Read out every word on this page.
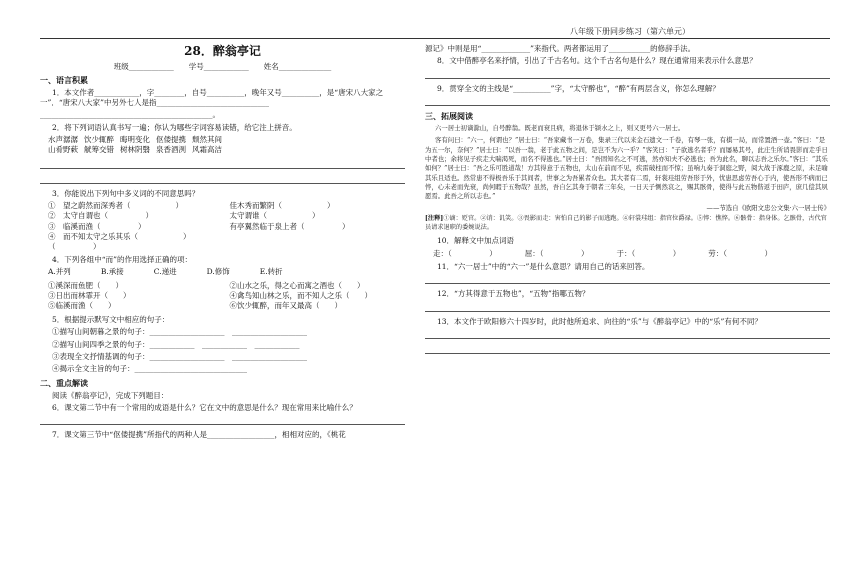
八年级下册同步练习（第六单元）
28．醉翁亭记
班级____________　　学号____________　　姓名______________
一、语言积累

1．本文作者____________，字________，自号__________，晚年又号__________，是“唐宋八大家之一”．“唐宋八大家”中另外七人是指______________________________

______________________________________________。

2．将下列词语认真书写一遍；你认为哪些字词容易读错，给它注上拼音。

水声潺潺 饮少辄醉 晦明变化 伛偻提携 颓然其间
山肴野蔌 觥筹交错 树林阴翳 泉香酒洌 风霜高洁

3．你能说出下列句中多义词的不同意思吗？

①　望之蔚然而深秀者（　　　　　　）	佳木秀而繁阴（　　　　　　）
②　太守自谓也（　　　　　）	太守谓谁（　　　　　　）
③　临溪而渔（　　　　　）	有亭翼然临于泉上者（　　　　　）
④　而不知太守之乐其乐（　　　　　　）（　　　　　）

4．下列各组中“而”的作用选择正确的项：

A.并列	B.承接	C.递进	D.修饰	E.转折
①溪深而鱼肥（　　）	②山水之乐，得之心而寓之酒也（　　）
③日出而林霏开（　　）	④禽鸟知山林之乐，而不知人之乐（　　）
⑤临溪而渔（　　）	⑥饮少辄醉，而年又最高（　　）

5．根据提示默写文中相应的句子：

①描写山间朝暮之景的句子：____________________　____________________

②描写山间四季之景的句子：____________　____________　____________

③表现全文抒情基调的句子：____________________　____________________

④揭示全文主旨的句子：______________________________

二、重点解读

阅读《醉翁亭记》，完成下列题目：

6．课文第二节中有一个常用的成语是什么？它在文中的意思是什么？现在常用来比喻什么？

7．课文第三节中“伛偻提携”所指代的两种人是__________________，相相对应的，《桃花

源记》中则是用“_____________”来指代。两者都运用了___________的修辞手法。

8．文中借醉亭名来抒情，引出了千古名句。这个千古名句是什么？现在通常用来表示什么意思？

9．贯穿全文的主线是“__________”字，“太守醉也”，“醉”有两层含义，你怎么理解？

三、拓展阅读

六一居士初谪滁山，自号醉翁。既老而衰且病，将退休于颍水之上，则又更号六一居士。

客有问曰：“六一，何谓也？”居士曰：“吾家藏书一万卷，集录三代以来金石遗文一千卷，有琴一张，有棋一局，而常置酒一壶。”客曰：“是为五一尔，奈何？”居士曰：“以吾一翁，老于此五物之间，是岂不为六一乎？”客笑曰：“子欲逃名者乎？而屡易其号，此庄生所诮畏影而走乎日中者也；余将见子疾走大喘渴死，而名不得逃也。”居士曰：“吾固知名之不可逃，然亦知夫不必逃也；吾为此名，聊以志吾之乐尔。”客曰：“其乐如何？”居士曰：“吾之乐可胜道哉！方其得意于五物也，太山在前而不见，疾雷破柱而不惊；虽响九奏于洞庭之野，阅大战于涿鹿之原，未足喻其乐且适也。然常患不得极吾乐于其间者，世事之为吾累者众也。其大者有二焉，轩裳珪组劳吾形于外，忧患思虑劳吾心于内，使吾形不病而已悴，心未老而先衰，尚何暇于五物哉？虽然，吾自乞其身于朝者三年矣，一日天子恻然哀之，赐其骸骨，使得与此五物偕返于田庐，庶几偿其夙愿焉。此吾之所以志也。”

——节选自《欧阳文忠公文集·六一居士传》

[注释]①谪：贬官。②诮：讥笑。③畏影而走：害怕自己的影子而逃跑。④轩裳珪组：指官位爵禄。⑤悴：憔悴。⑥骸骨：指身体。乞骸骨，古代官员请求退职的委婉说法。

10．解释文中加点词语

走：（　　　　　）	屈：（　　　　　）	于：（　　　　　）	劳：（　　　　　）

11．“六一居士”中的“六一”是什么意思？请用自己的话来回答。

12．“方其得意于五物也”，“五物”指哪五物？

13．本文作于欧阳修六十四岁时，此时他所追求、向往的“乐”与《醉翁亭记》中的“乐”有何不同？
